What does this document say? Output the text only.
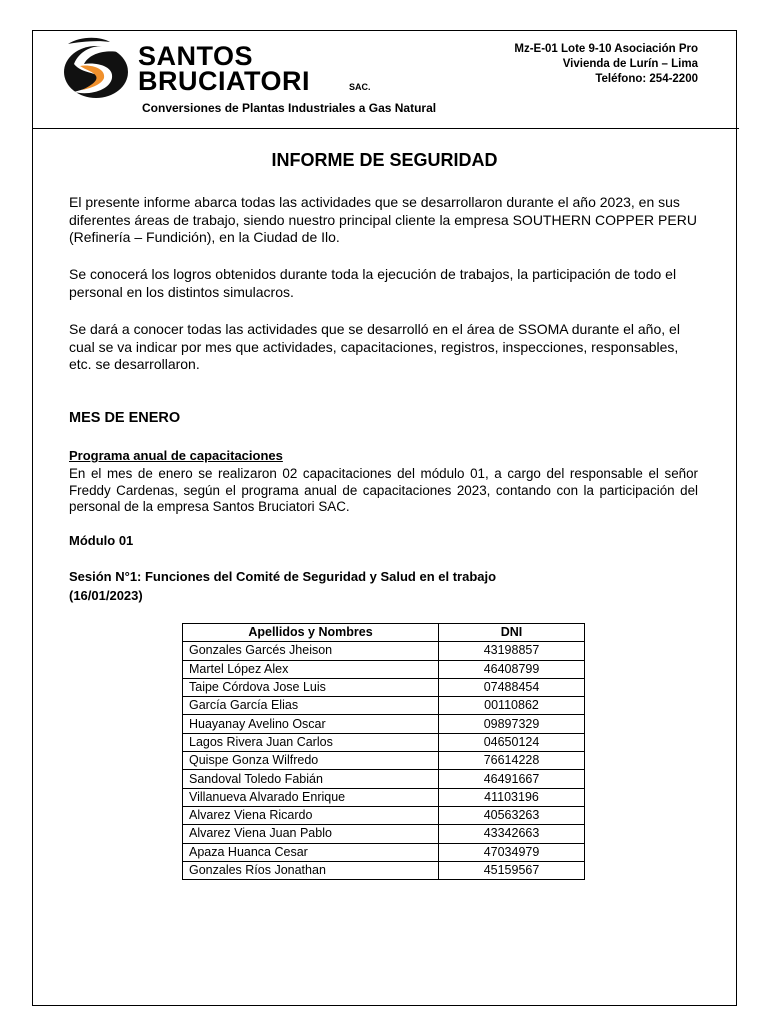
SANTOS
BRUCIATORI	SAC.
Conversiones de Plantas Industriales a Gas Natural
Mz-E-01 Lote 9-10 Asociación Pro
Vivienda de Lurín – Lima
Teléfono: 254-2200
INFORME DE SEGURIDAD
El presente informe abarca todas las actividades que se desarrollaron durante el año 2023, en sus diferentes áreas de trabajo, siendo nuestro principal cliente la empresa SOUTHERN COPPER PERU (Refinería – Fundición), en la Ciudad de Ilo.
Se conocerá los logros obtenidos durante toda la ejecución de trabajos, la participación de todo el personal en los distintos simulacros.
Se dará a conocer todas las actividades que se desarrolló en el área de SSOMA durante el año, el cual se va indicar por mes que actividades, capacitaciones, registros, inspecciones, responsables, etc. se desarrollaron.
MES DE ENERO
Programa anual de capacitaciones
En el mes de enero se realizaron 02 capacitaciones del módulo 01, a cargo del responsable el señor Freddy Cardenas, según el programa anual de capacitaciones 2023, contando con la participación del personal de la empresa Santos Bruciatori SAC.
Módulo 01
Sesión N°1: Funciones del Comité de Seguridad y Salud en el trabajo (16/01/2023)
Apellidos y Nombres	DNI
Gonzales Garcés Jheison	43198857
Martel López Alex	46408799
Taipe Córdova Jose Luis	07488454
García García Elias	00110862
Huayanay Avelino Oscar	09897329
Lagos Rivera Juan Carlos	04650124
Quispe Gonza Wilfredo	76614228
Sandoval Toledo Fabián	46491667
Villanueva Alvarado Enrique	41103196
Alvarez Viena Ricardo	40563263
Alvarez Viena Juan Pablo	43342663
Apaza Huanca Cesar	47034979
Gonzales Ríos Jonathan	45159567
